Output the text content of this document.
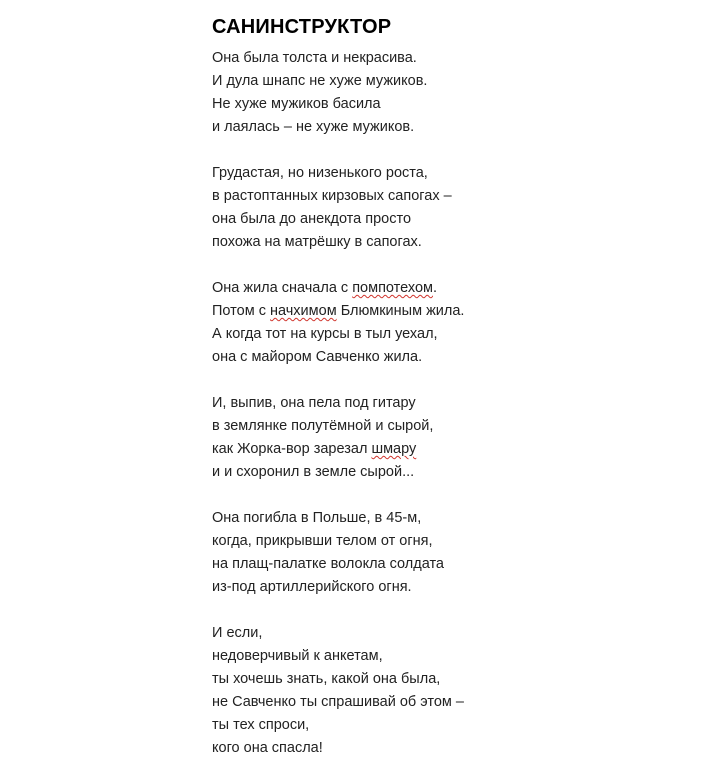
САНИНСТРУКТОР
Она была толста и некрасива.
И дула шнапс не хуже мужиков.
Не хуже мужиков басила
и лаялась – не хуже мужиков.
Грудастая, но низенького роста,
в растоптанных кирзовых сапогах –
она была до анекдота просто
похожа на матрёшку в сапогах.
Она жила сначала с помпотехом.
Потом с начхимом Блюмкиным жила.
А когда тот на курсы в тыл уехал,
она с майором Савченко жила.
И, выпив, она пела под гитару
в землянке полутёмной и сырой,
как Жорка-вор зарезал шмару
и и схоронил в земле сырой...
Она погибла в Польше, в 45-м,
когда, прикрывши телом от огня,
на плащ-палатке волокла солдата
из-под артиллерийского огня.
И если,
недоверчивый к анкетам,
ты хочешь знать, какой она была,
не Савченко ты спрашивай об этом –
ты тех спроси,
кого она спасла!
